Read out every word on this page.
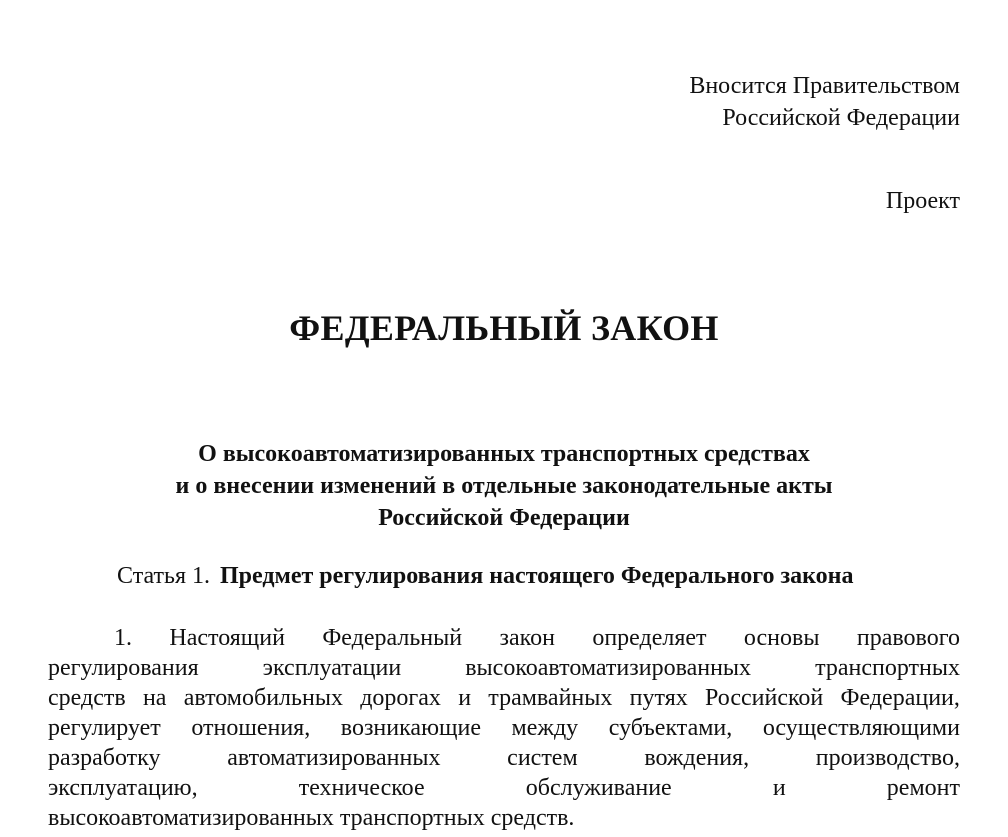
Вносится Правительством
Российской Федерации
Проект
ФЕДЕРАЛЬНЫЙ ЗАКОН
О высокоавтоматизированных транспортных средствах
и о внесении изменений в отдельные законодательные акты
Российской Федерации
Статья 1. Предмет регулирования настоящего Федерального закона
1. Настоящий Федеральный закон определяет основы правового
регулирования	эксплуатации	высокоавтоматизированных	транспортных
средств на автомобильных дорогах и трамвайных путях Российской Федерации,
регулирует отношения, возникающие между субъектами, осуществляющими
разработку	автоматизированных	систем	вождения,	производство,
эксплуатацию,	техническое	обслуживание	и	ремонт
высокоавтоматизированных транспортных средств.
